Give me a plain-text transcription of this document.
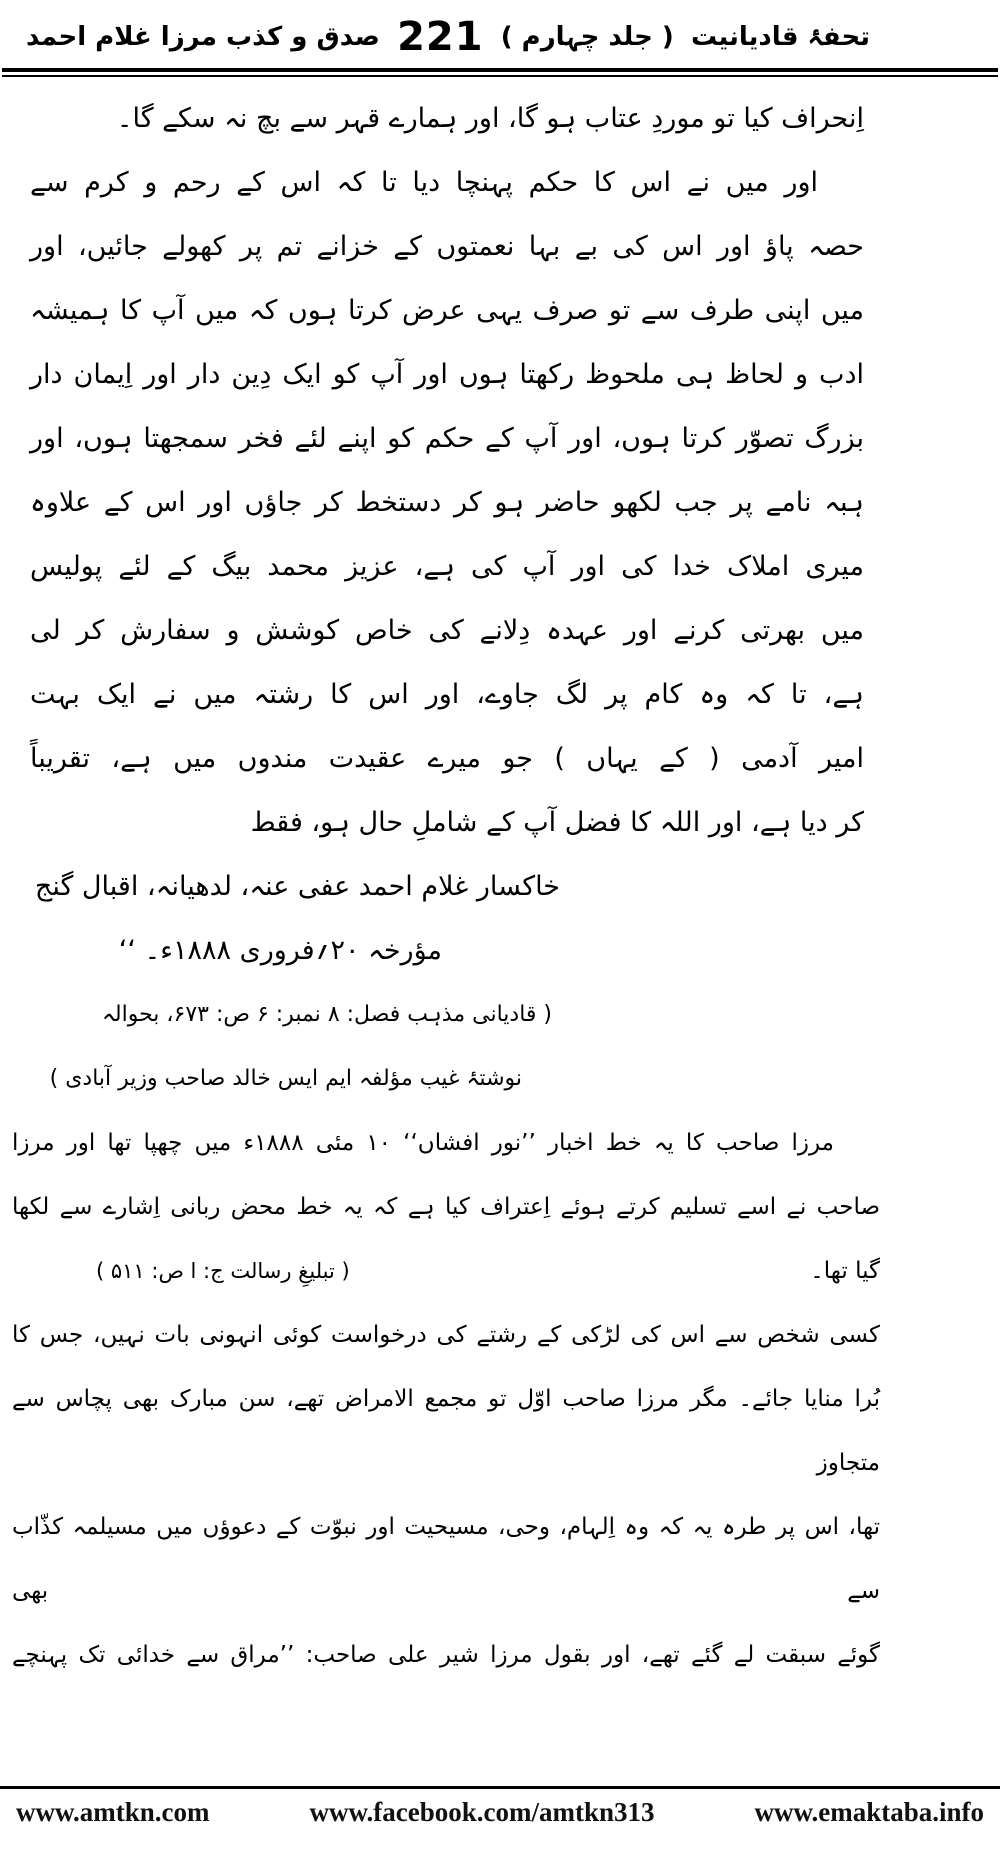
تحفۂ قادیانیت
( جلد چہارم )
221
صدق و کذب مرزا غلام احمد
اِنحراف کیا تو موردِ عتاب ہو گا، اور ہمارے قہر سے بچ نہ سکے گا۔
اور میں نے اس کا حکم پہنچا دیا تا کہ اس کے رحم و کرم سے
حصہ پاؤ اور اس کی بے بہا نعمتوں کے خزانے تم پر کھولے جائیں، اور
میں اپنی طرف سے تو صرف یہی عرض کرتا ہوں کہ میں آپ کا ہمیشہ
ادب و لحاظ ہی ملحوظ رکھتا ہوں اور آپ کو ایک دِین دار اور اِیمان دار
بزرگ تصوّر کرتا ہوں، اور آپ کے حکم کو اپنے لئے فخر سمجھتا ہوں، اور
ہبہ نامے پر جب لکھو حاضر ہو کر دستخط کر جاؤں اور اس کے علاوہ
میری املاک خدا کی اور آپ کی ہے، عزیز محمد بیگ کے لئے پولیس
میں بھرتی کرنے اور عہدہ دِلانے کی خاص کوشش و سفارش کر لی
ہے، تا کہ وہ کام پر لگ جاوے، اور اس کا رشتہ میں نے ایک بہت
امیر آدمی ( کے یہاں ) جو میرے عقیدت مندوں میں ہے، تقریباً
کر دیا ہے، اور اللہ کا فضل آپ کے شاملِ حال ہو، فقط
خاکسار غلام احمد عفی عنہ، لدھیانہ، اقبال گنج
مؤرخہ ۲۰؍فروری ۱۸۸۸ء۔ ‘‘
( قادیانی مذہب فصل: ۸ نمبر: ۶ ص: ۶۷۳، بحوالہ
نوشتۂ غیب مؤلفہ ایم ایس خالد صاحب وزیر آبادی )
مرزا صاحب کا یہ خط اخبار ’’نور افشاں‘‘ ۱۰ مئی ۱۸۸۸ء میں چھپا تھا اور مرزا
صاحب نے اسے تسلیم کرتے ہوئے اِعتراف کیا ہے کہ یہ خط محض ربانی اِشارے سے لکھا
گیا تھا۔
( تبلیغِ رسالت ج: ا ص: ۵۱۱ )
کسی شخص سے اس کی لڑکی کے رشتے کی درخواست کوئی انہونی بات نہیں، جس کا
بُرا منایا جائے۔ مگر مرزا صاحب اوّل تو مجمع الامراض تھے، سن مبارک بھی پچاس سے متجاوز
تھا، اس پر طرہ یہ کہ وہ اِلہام، وحی، مسیحیت اور نبوّت کے دعوؤں میں مسیلمہ کذّاب سے بھی
گوئے سبقت لے گئے تھے، اور بقول مرزا شیر علی صاحب: ’’مراق سے خدائی تک پہنچے
www.amtkn.com	www.facebook.com/amtkn313	www.emaktaba.info
